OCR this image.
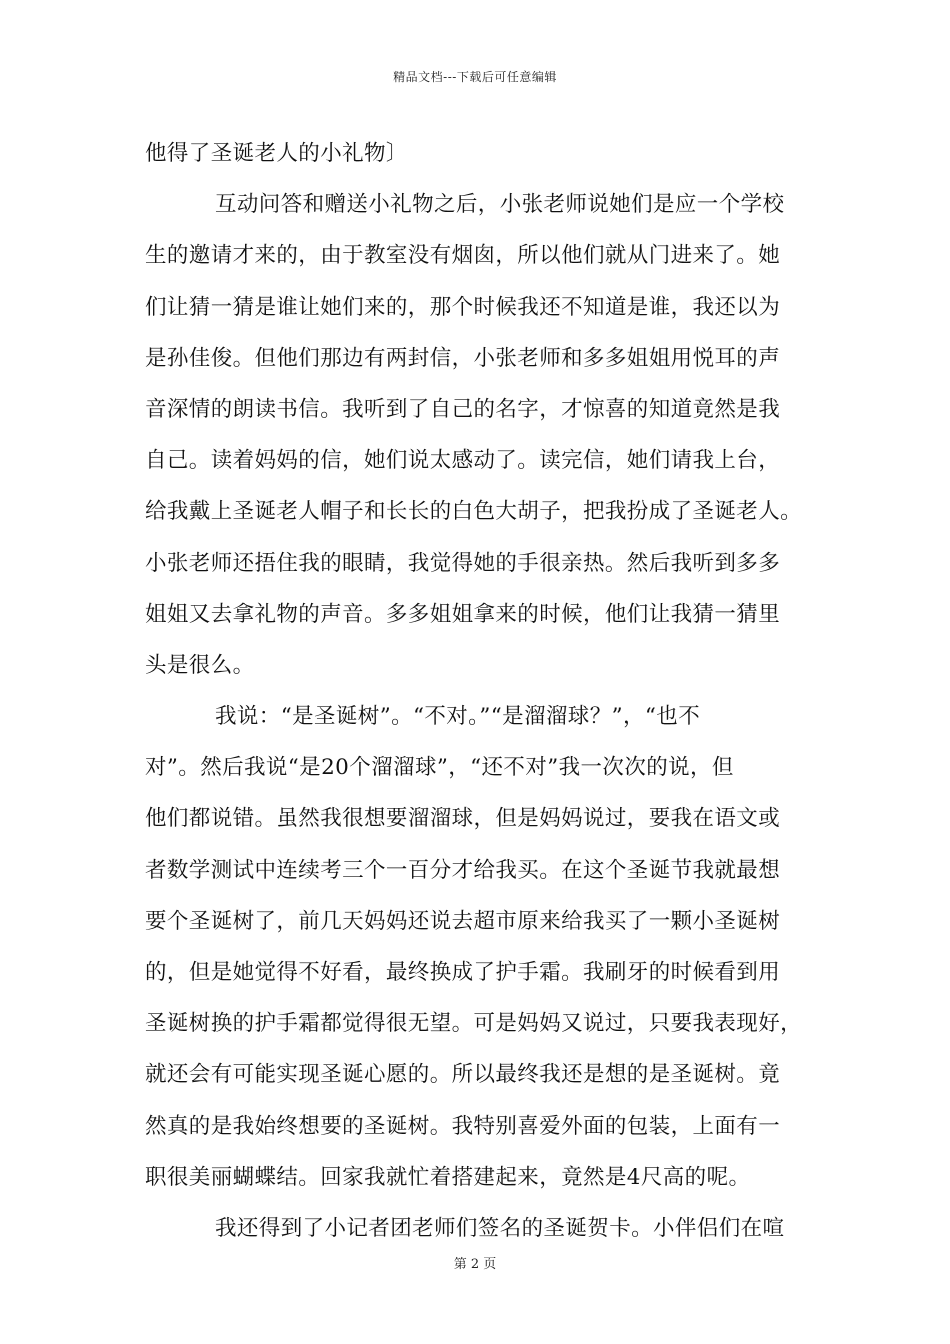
精品文档---下载后可任意编辑
他得了圣诞老人的小礼物〕
互动问答和赠送小礼物之后，小张老师说她们是应一个学校
生的邀请才来的，由于教室没有烟囱，所以他们就从门进来了。她
们让猜一猜是谁让她们来的，那个时候我还不知道是谁，我还以为
是孙佳俊。但他们那边有两封信，小张老师和多多姐姐用悦耳的声
音深情的朗读书信。我听到了自己的名字，才惊喜的知道竟然是我
自己。读着妈妈的信，她们说太感动了。读完信，她们请我上台，
给我戴上圣诞老人帽子和长长的白色大胡子，把我扮成了圣诞老人。
小张老师还捂住我的眼睛，我觉得她的手很亲热。然后我听到多多
姐姐又去拿礼物的声音。多多姐姐拿来的时候，他们让我猜一猜里
头是很么。
我说：“是圣诞树”。“不对。”“是溜溜球？”，“也不
对”。然后我说“是20个溜溜球”，“还不对”我一次次的说，但
他们都说错。虽然我很想要溜溜球，但是妈妈说过，要我在语文或
者数学测试中连续考三个一百分才给我买。在这个圣诞节我就最想
要个圣诞树了，前几天妈妈还说去超市原来给我买了一颗小圣诞树
的，但是她觉得不好看，最终换成了护手霜。我刷牙的时候看到用
圣诞树换的护手霜都觉得很无望。可是妈妈又说过，只要我表现好，
就还会有可能实现圣诞心愿的。所以最终我还是想的是圣诞树。竟
然真的是我始终想要的圣诞树。我特别喜爱外面的包装，上面有一
职很美丽蝴蝶结。回家我就忙着搭建起来，竟然是4尺高的呢。
我还得到了小记者团老师们签名的圣诞贺卡。小伴侣们在喧
第 2 页
